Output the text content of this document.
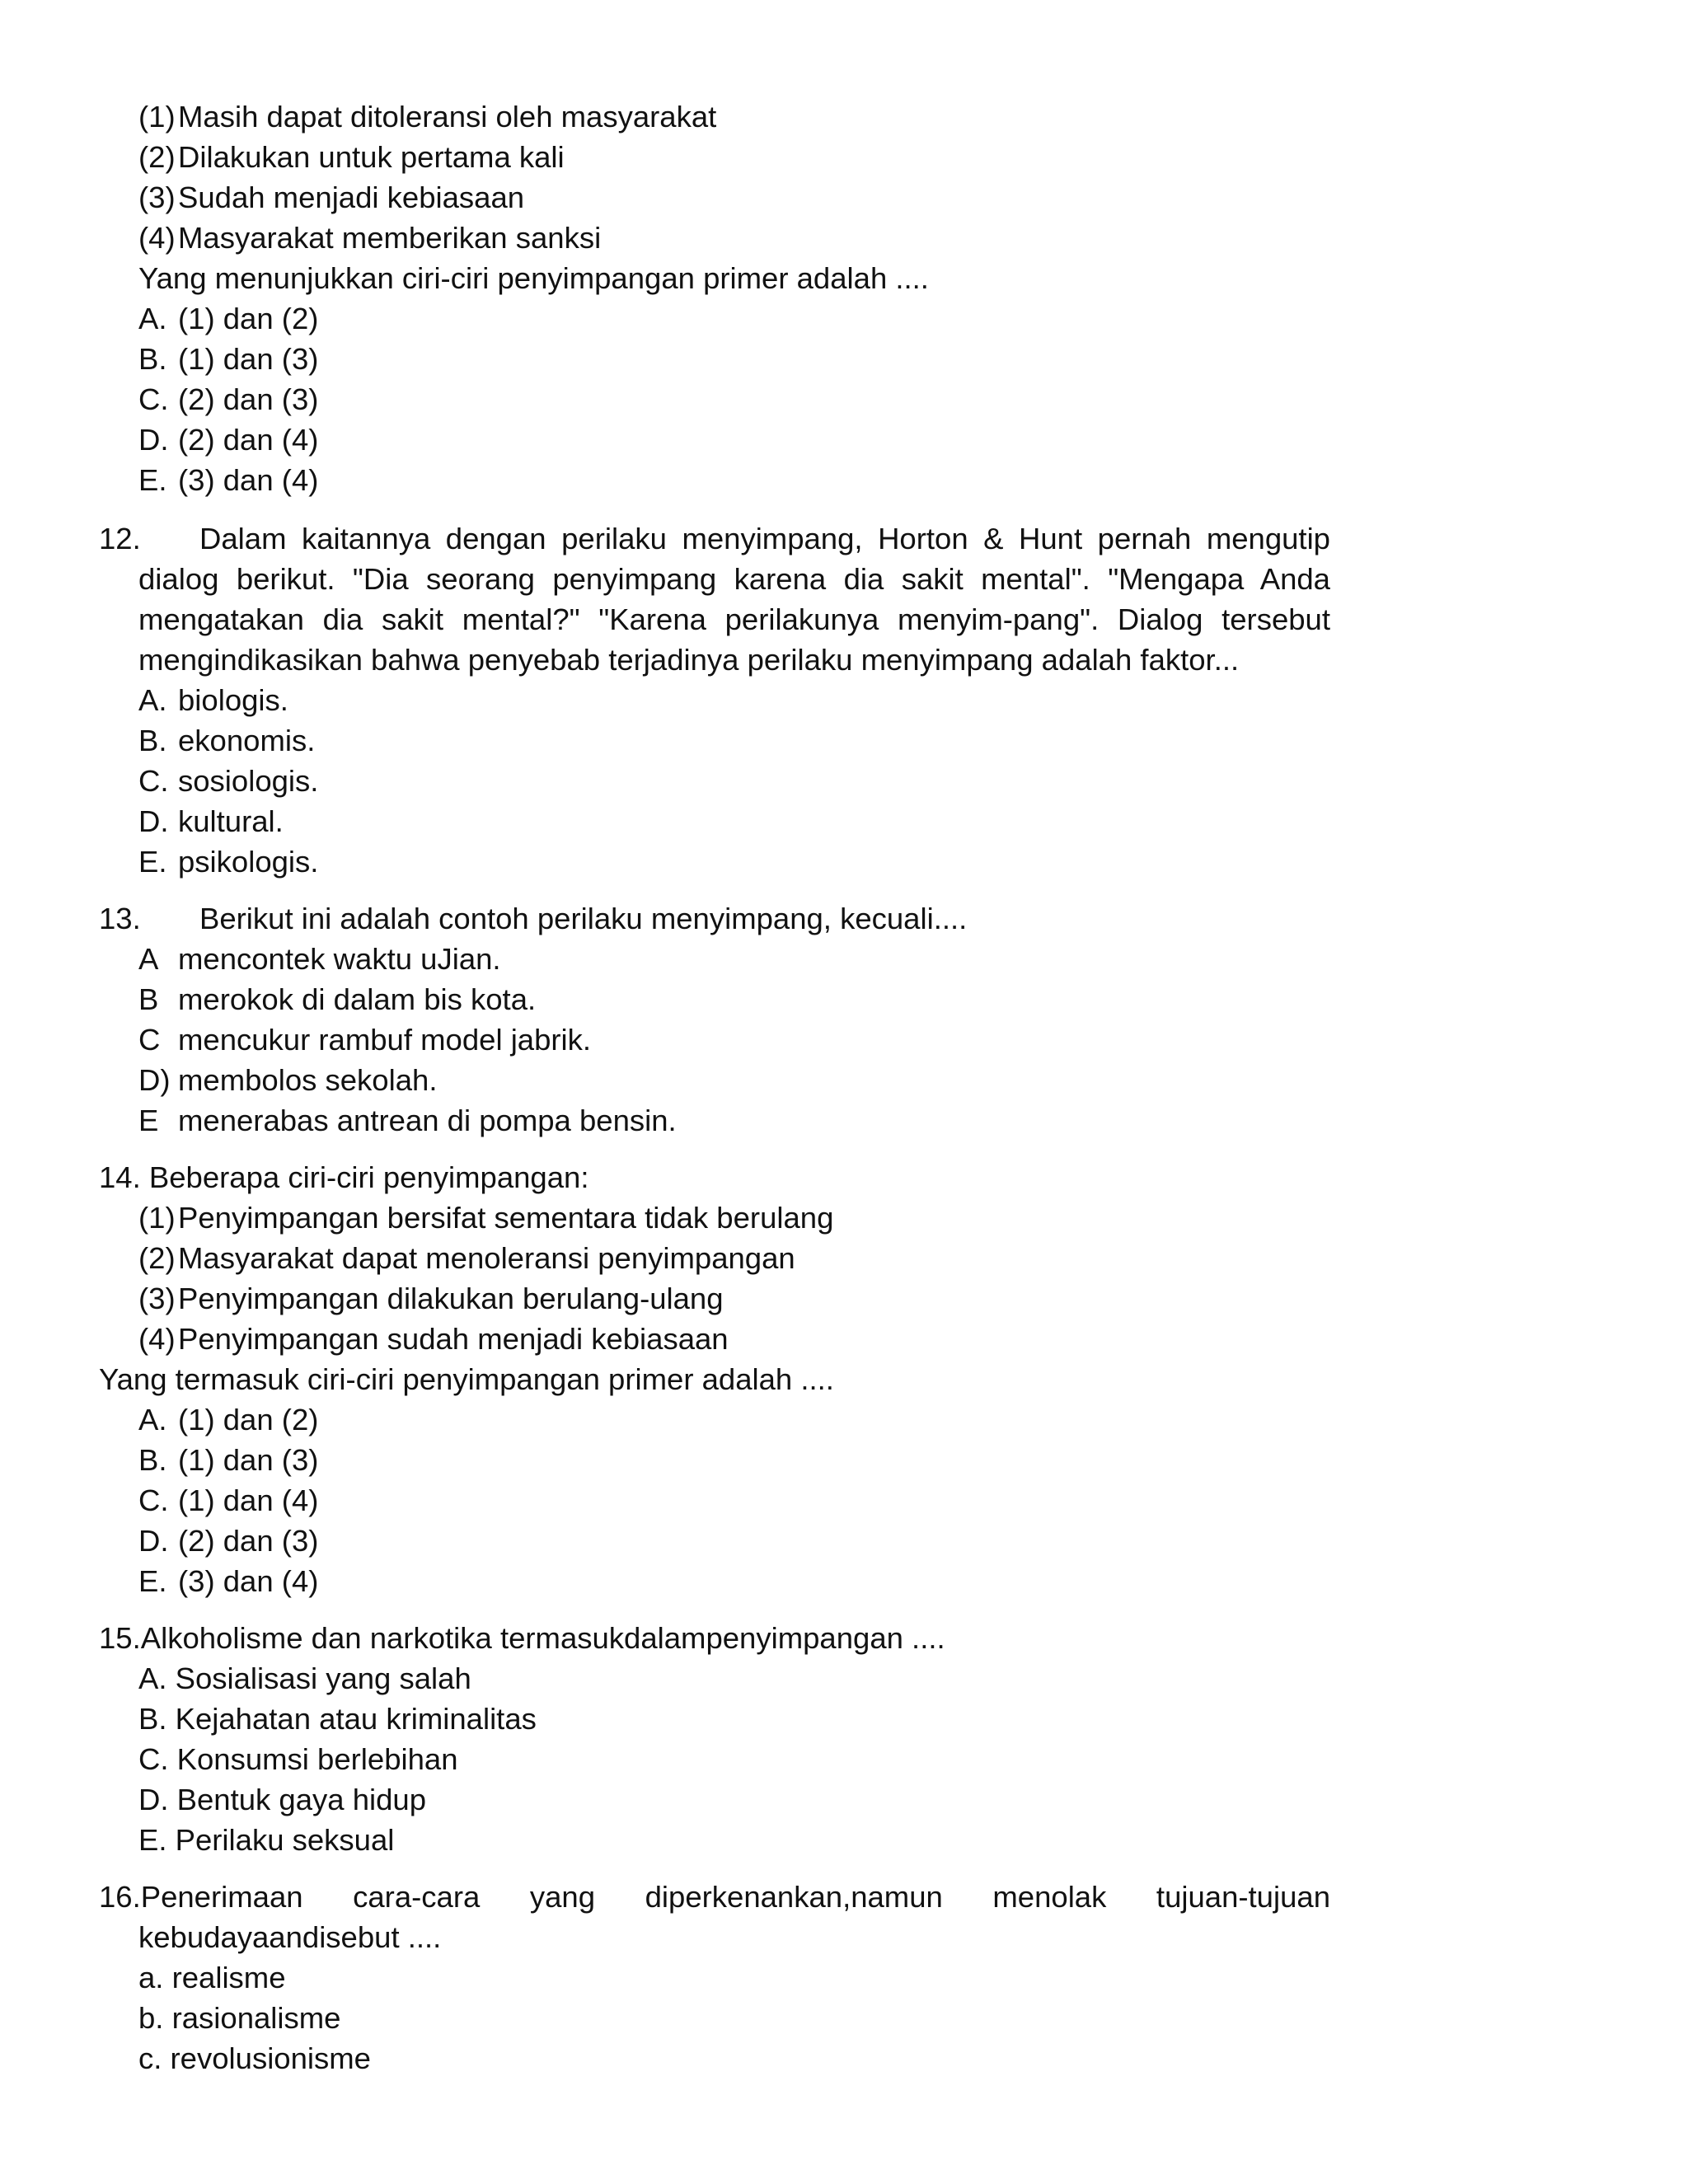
(1)Masih dapat ditoleransi oleh masyarakat
(2)Dilakukan untuk pertama kali
(3)Sudah menjadi kebiasaan
(4)Masyarakat memberikan sanksi
Yang menunjukkan ciri-ciri penyimpangan primer adalah ....
A. (1) dan (2)
B. (1) dan (3)
C. (2) dan (3)
D. (2) dan (4)
E. (3) dan (4)
12. Dalam kaitannya dengan perilaku menyimpang, Horton & Hunt pernah mengutip
dialog berikut. "Dia seorang penyimpang karena dia sakit mental". "Mengapa Anda
mengatakan dia sakit mental?" "Karena perilakunya menyim-pang". Dialog tersebut
mengindikasikan bahwa penyebab terjadinya perilaku menyimpang adalah faktor...
A. biologis.
B. ekonomis.
C. sosiologis.
D. kultural.
E. psikologis.
13. Berikut ini adalah contoh perilaku menyimpang, kecuali....
A mencontek waktu uJian.
B merokok di dalam bis kota.
C mencukur rambuf model jabrik.
D) membolos sekolah.
E menerabas antrean di pompa bensin.
14. Beberapa ciri-ciri penyimpangan:
(1)Penyimpangan bersifat sementara tidak berulang
(2)Masyarakat dapat menoleransi penyimpangan
(3)Penyimpangan dilakukan berulang-ulang
(4)Penyimpangan sudah menjadi kebiasaan
Yang termasuk ciri-ciri penyimpangan primer adalah ....
A. (1) dan (2)
B. (1) dan (3)
C. (1) dan (4)
D. (2) dan (3)
E. (3) dan (4)
15.Alkoholisme dan narkotika termasukdalampenyimpangan ....
A. Sosialisasi yang salah
B. Kejahatan atau kriminalitas
C. Konsumsi berlebihan
D. Bentuk gaya hidup
E. Perilaku seksual
16.Penerimaan cara-cara yang diperkenankan,namun menolak tujuan-tujuan
kebudayaandisebut ....
a. realisme
b. rasionalisme
c. revolusionisme
